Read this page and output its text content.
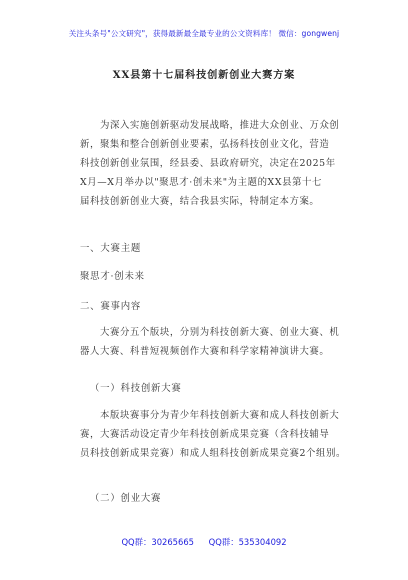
关注头条号"公文研究"，获得最新最全最专业的公文资料库！ 微信：gongwenj
XX县第十七届科技创新创业大赛方案
为深入实施创新驱动发展战略，推进大众创业、万众创
新，聚集和整合创新创业要素，弘扬科技创业文化，营造
科技创新创业氛围，经县委、县政府研究，决定在2025年
X月—X月举办以"聚思才·创未来"为主题的XX县第十七
届科技创新创业大赛，结合我县实际，特制定本方案。
一、大赛主题
聚思才·创未来
二、赛事内容
大赛分五个版块，分别为科技创新大赛、创业大赛、机
器人大赛、科普短视频创作大赛和科学家精神演讲大赛。
（一）科技创新大赛
本版块赛事分为青少年科技创新大赛和成人科技创新大
赛，大赛活动设定青少年科技创新成果竞赛（含科技辅导
员科技创新成果竞赛）和成人组科技创新成果竞赛2个组别。
（二）创业大赛
QQ群：30265665 QQ群：535304092
